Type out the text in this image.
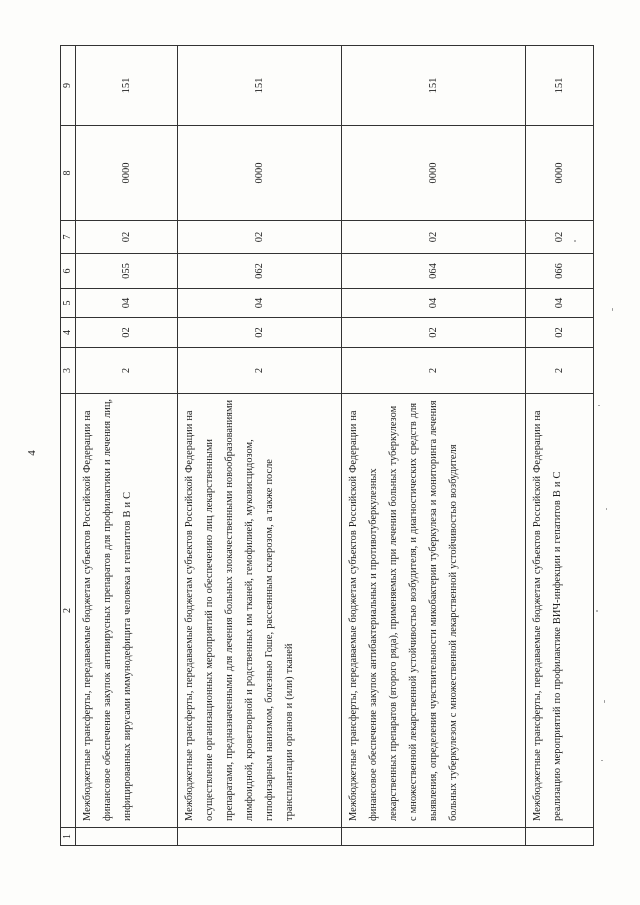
4
1	2	3	4	5	6	7	8	9
	Межбюджетные трансферты, передаваемые бюджетам субъектов Российской Федерации на финансовое обеспечение закупок антивирусных препаратов для профилактики и лечения лиц, инфицированных вирусами иммунодефицита человека и гепатитов B и C	2	02	04	055	02	0000	151
	Межбюджетные трансферты, передаваемые бюджетам субъектов Российской Федерации на осуществление организационных мероприятий по обеспечению лиц лекарственными препаратами, предназначенными для лечения больных злокачественными новообразованиями лимфоидной, кроветворной и родственных им тканей, гемофилией, муковисцидозом, гипофизарным нанизмом, болезнью Гоше, рассеянным склерозом, а также после трансплантации органов и (или) тканей	2	02	04	062	02	0000	151
	Межбюджетные трансферты, передаваемые бюджетам субъектов Российской Федерации на финансовое обеспечение закупок антибактериальных и противотуберкулезных лекарственных препаратов (второго ряда), применяемых при лечении больных туберкулезом с множественной лекарственной устойчивостью возбудителя, и диагностических средств для выявления, определения чувствительности микобактерии туберкулеза и мониторинга лечения больных туберкулезом с множественной лекарственной устойчивостью возбудителя	2	02	04	064	02	0000	151
	Межбюджетные трансферты, передаваемые бюджетам субъектов Российской Федерации на реализацию мероприятий по профилактике ВИЧ-инфекции и гепатитов B и C	2	02	04	066	02	0000	151
